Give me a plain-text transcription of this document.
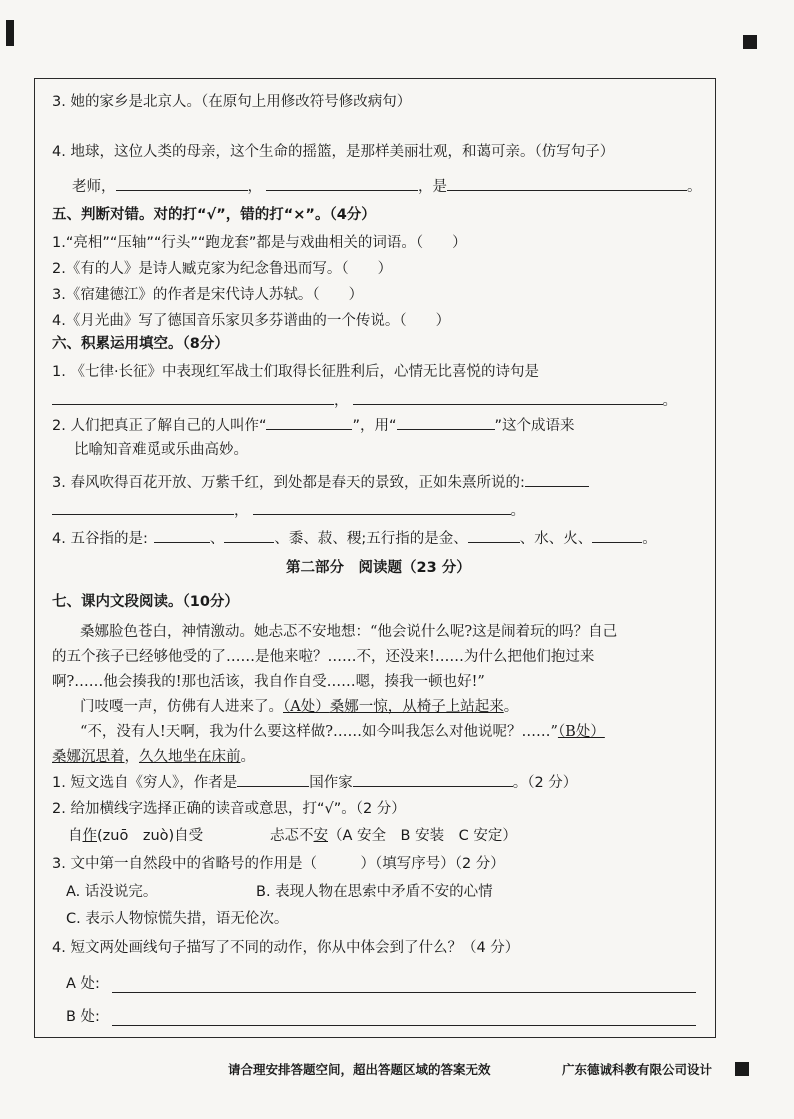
3. 她的家乡是北京人。（在原句上用修改符号修改病句）
4. 地球，这位人类的母亲，这个生命的摇篮，是那样美丽壮观，和蔼可亲。（仿写句子）
老师，	，	，是	。
五、判断对错。对的打“√”，错的打“×”。（4分）
1.“亮相”“压轴”“行头”“跑龙套”都是与戏曲相关的词语。（　　）
2.《有的人》是诗人臧克家为纪念鲁迅而写。（　　）
3.《宿建德江》的作者是宋代诗人苏轼。（　　）
4.《月光曲》写了德国音乐家贝多芬谱曲的一个传说。（　　）
六、积累运用填空。（8分）
1. 《七律·长征》中表现红军战士们取得长征胜利后，心情无比喜悦的诗句是
，	。
2. 人们把真正了解自己的人叫作“	”，用“	”这个成语来
比喻知音难觅或乐曲高妙。
3. 春风吹得百花开放、万紫千红，到处都是春天的景致，正如朱熹所说的:
，	。
4. 五谷指的是:	、	、黍、菽、稷;五行指的是金、	、水、火、	。
第二部分　阅读题（23 分）
七、课内文段阅读。（10分）
桑娜脸色苍白，神情激动。她忐忑不安地想：“他会说什么呢?这是闹着玩的吗？自己
的五个孩子已经够他受的了……是他来啦？……不，还没来!……为什么把他们抱过来
啊?……他会揍我的!那也活该，我自作自受……嗯，揍我一顿也好!”
门吱嘎一声，仿佛有人进来了。（A处）桑娜一惊，从椅子上站起来。
“不，没有人!天啊，我为什么要这样做?……如今叫我怎么对他说呢？……”（B处）
桑娜沉思着，久久地坐在床前。
1. 短文选自《穷人》，作者是	国作家	。（2 分）
2. 给加横线字选择正确的读音或意思，打“√”。（2 分）
自作(zuō　zuò)自受	忐忑不安（A 安全　B 安装　C 安定）
3. 文中第一自然段中的省略号的作用是（　　　）（填写序号）（2 分）
A. 话没说完。	B. 表现人物在思索中矛盾不安的心情
C. 表示人物惊慌失措，语无伦次。
4. 短文两处画线句子描写了不同的动作，你从中体会到了什么？（4 分）
A 处:
B 处:
请合理安排答题空间，超出答题区域的答案无效	广东德诚科教有限公司设计
